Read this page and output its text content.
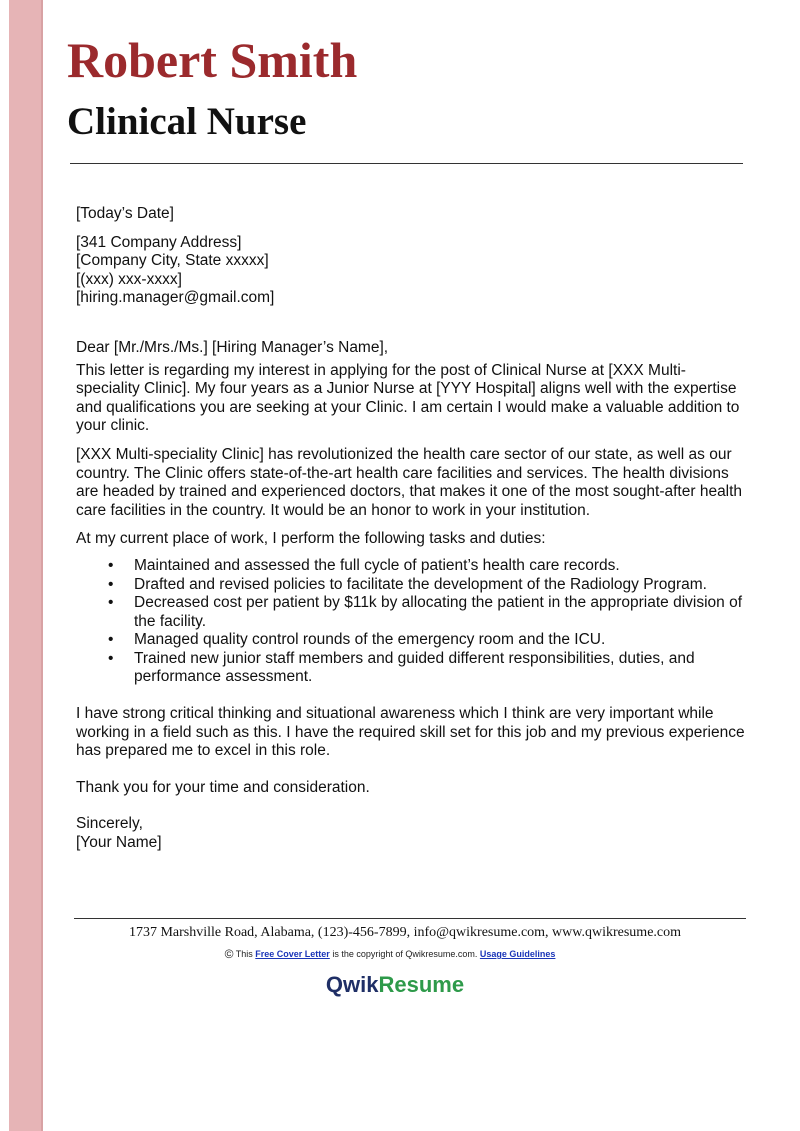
Robert Smith
Clinical Nurse

[Today’s Date]

[341 Company Address]

[Company City, State xxxxx]

[(xxx) xxx-xxxx]

[hiring.manager@gmail.com]

Dear [Mr./Mrs./Ms.] [Hiring Manager’s Name],

This letter is regarding my interest in applying for the post of Clinical Nurse at [XXX Multi-speciality Clinic]. My four years as a Junior Nurse at [YYY Hospital] aligns well with the expertise and qualifications you are seeking at your Clinic. I am certain I would make a valuable addition to your clinic.

[XXX Multi-speciality Clinic] has revolutionized the health care sector of our state, as well as our country. The Clinic offers state-of-the-art health care facilities and services. The health divisions are headed by trained and experienced doctors, that makes it one of the most sought-after health care facilities in the country. It would be an honor to work in your institution.

At my current place of work, I perform the following tasks and duties:

• Maintained and assessed the full cycle of patient’s health care records.
• Drafted and revised policies to facilitate the development of the Radiology Program.
• Decreased cost per patient by $11k by allocating the patient in the appropriate division of the facility.
• Managed quality control rounds of the emergency room and the ICU.
• Trained new junior staff members and guided different responsibilities, duties, and performance assessment.

I have strong critical thinking and situational awareness which I think are very important while working in a field such as this. I have the required skill set for this job and my previous experience has prepared me to excel in this role.

Thank you for your time and consideration.

Sincerely,

[Your Name]

1737 Marshville Road, Alabama, (123)-456-7899, info@qwikresume.com, www.qwikresume.com
© This Free Cover Letter is the copyright of Qwikresume.com. Usage Guidelines
QwikResume
